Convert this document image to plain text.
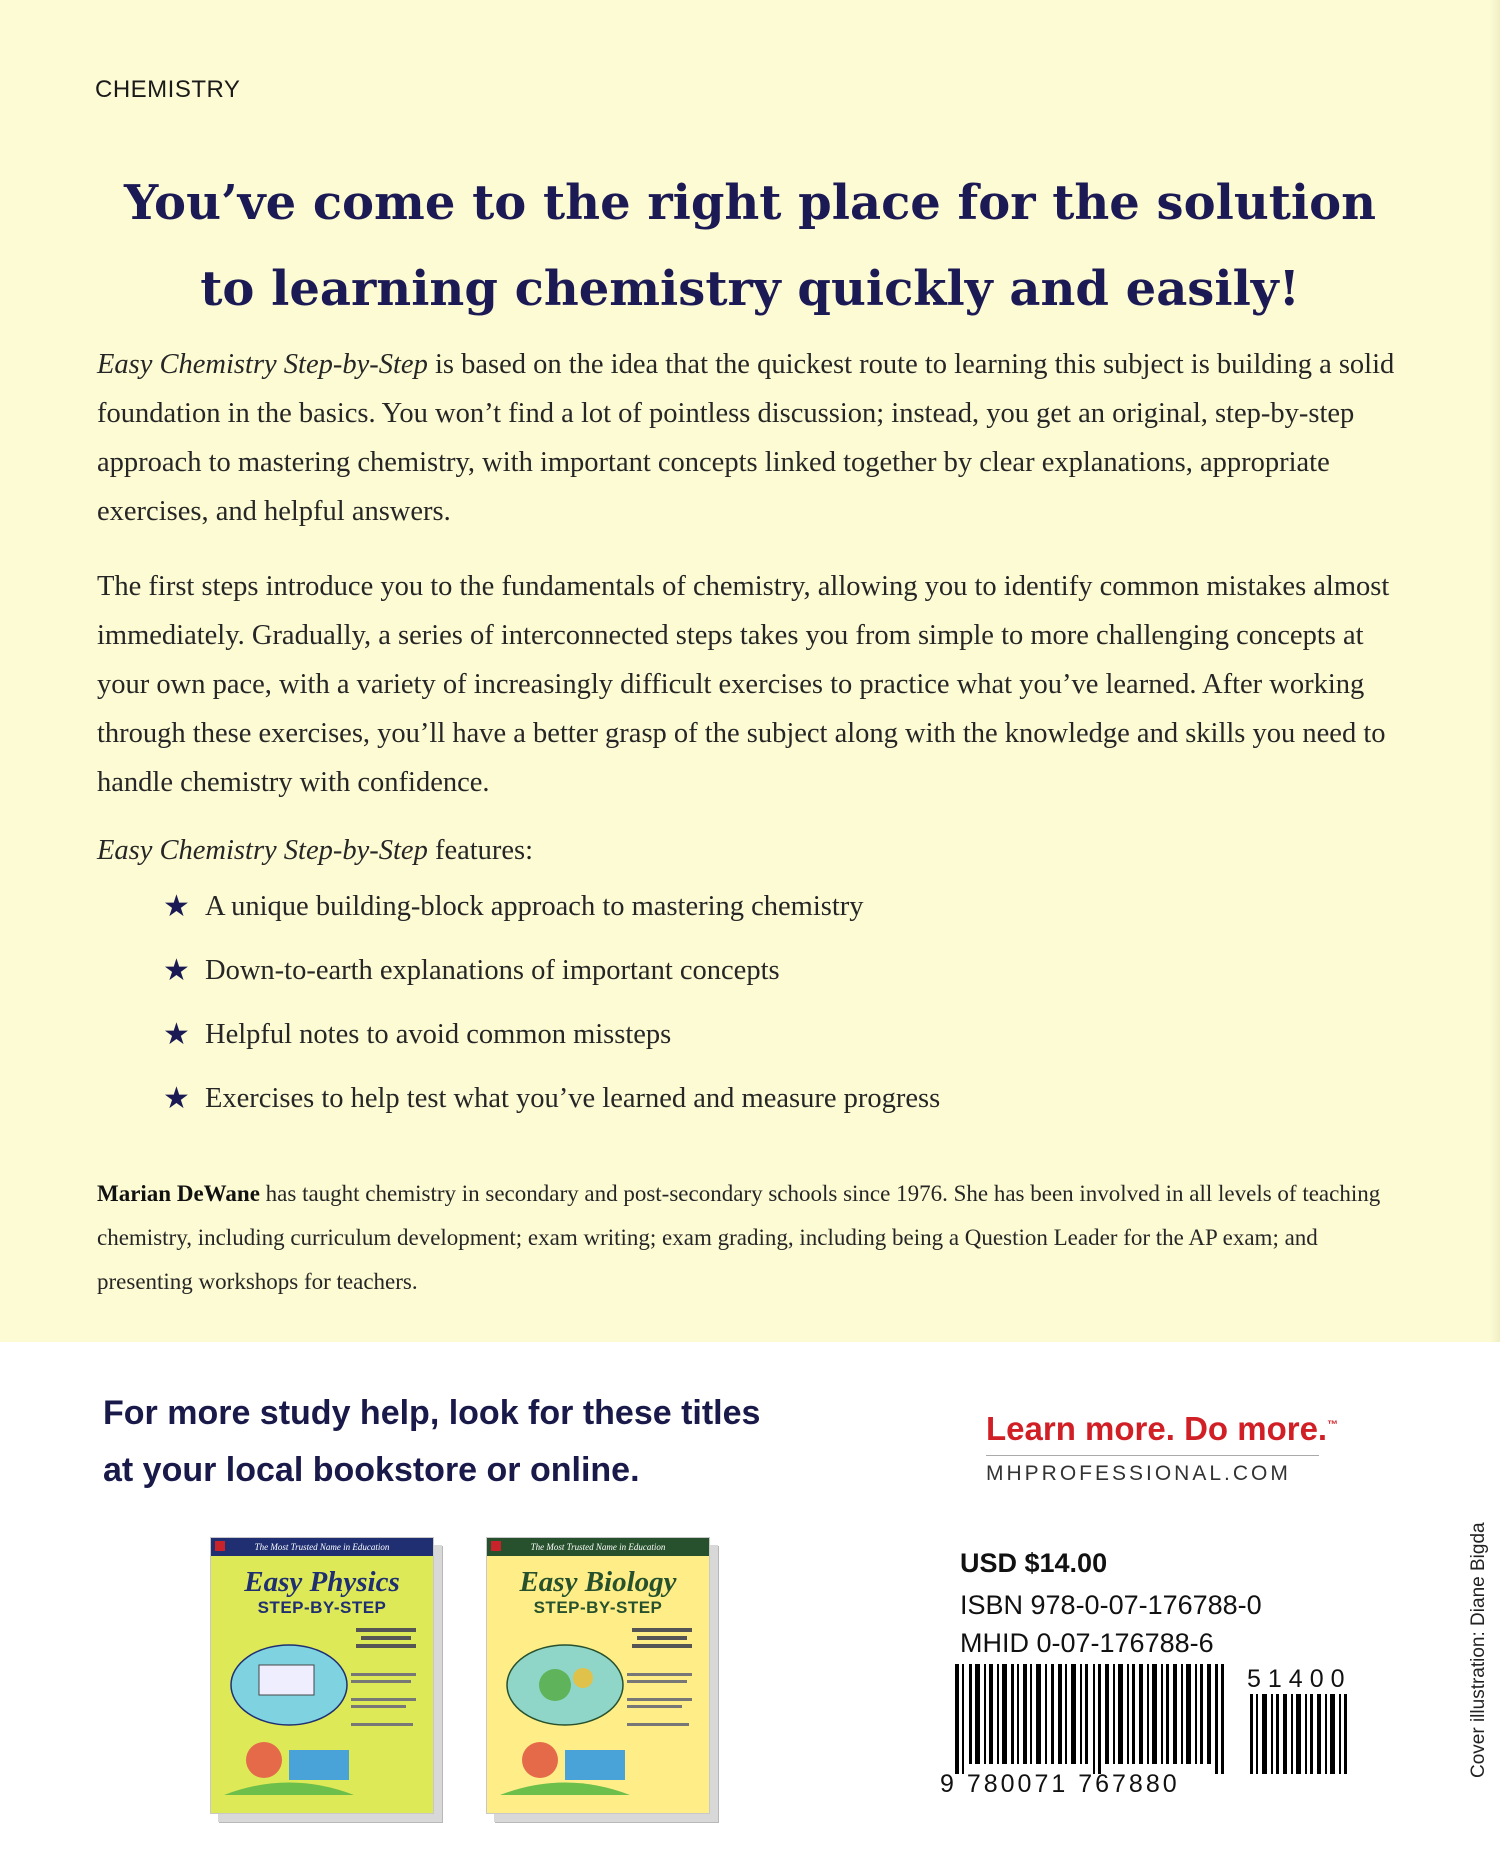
CHEMISTRY
You’ve come to the right place for the solution
to learning chemistry quickly and easily!
Easy Chemistry Step-by-Step is based on the idea that the quickest route to learning this subject is building a solid foundation in the basics. You won’t find a lot of pointless discussion; instead, you get an original, step-by-step approach to mastering chemistry, with important concepts linked together by clear explanations, appropriate exercises, and helpful answers.
The first steps introduce you to the fundamentals of chemistry, allowing you to identify common mistakes almost immediately. Gradually, a series of interconnected steps takes you from simple to more challenging concepts at your own pace, with a variety of increasingly difficult exercises to practice what you’ve learned. After working through these exercises, you’ll have a better grasp of the subject along with the knowledge and skills you need to handle chemistry with confidence.
Easy Chemistry Step-by-Step features:
★ A unique building-block approach to mastering chemistry
★ Down-to-earth explanations of important concepts
★ Helpful notes to avoid common missteps
★ Exercises to help test what you’ve learned and measure progress
Marian DeWane has taught chemistry in secondary and post-secondary schools since 1976. She has been involved in all levels of teaching chemistry, including curriculum development; exam writing; exam grading, including being a Question Leader for the AP exam; and presenting workshops for teachers.
For more study help, look for these titles
at your local bookstore or online.
Learn more. Do more.™
MHPROFESSIONAL.COM
The Most Trusted Name in Education
Easy Physics
STEP-BY-STEP
The Most Trusted Name in Education
Easy Biology
STEP-BY-STEP
USD $14.00
ISBN 978-0-07-176788-0
MHID 0-07-176788-6
51400
9 780071 767880
Cover illustration: Diane Bigda
